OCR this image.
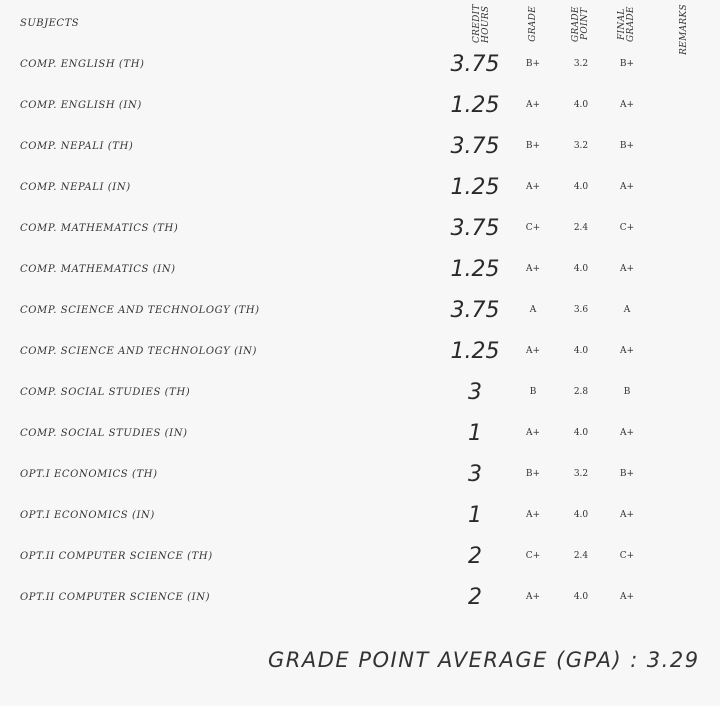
SUBJECTS	CREDIT HOURS	GRADE	GRADE POINT	FINAL GRADE	REMARKS
COMP. ENGLISH (TH)	3.75	B+	3.2	B+
COMP. ENGLISH (IN)	1.25	A+	4.0	A+
COMP. NEPALI (TH)	3.75	B+	3.2	B+
COMP. NEPALI (IN)	1.25	A+	4.0	A+
COMP. MATHEMATICS (TH)	3.75	C+	2.4	C+
COMP. MATHEMATICS (IN)	1.25	A+	4.0	A+
COMP. SCIENCE AND TECHNOLOGY (TH)	3.75	A	3.6	A
COMP. SCIENCE AND TECHNOLOGY (IN)	1.25	A+	4.0	A+
COMP. SOCIAL STUDIES (TH)	3	B	2.8	B
COMP. SOCIAL STUDIES (IN)	1	A+	4.0	A+
OPT.I ECONOMICS (TH)	3	B+	3.2	B+
OPT.I ECONOMICS (IN)	1	A+	4.0	A+
OPT.II COMPUTER SCIENCE (TH)	2	C+	2.4	C+
OPT.II COMPUTER SCIENCE (IN)	2	A+	4.0	A+
GRADE POINT AVERAGE (GPA) : 3.29
